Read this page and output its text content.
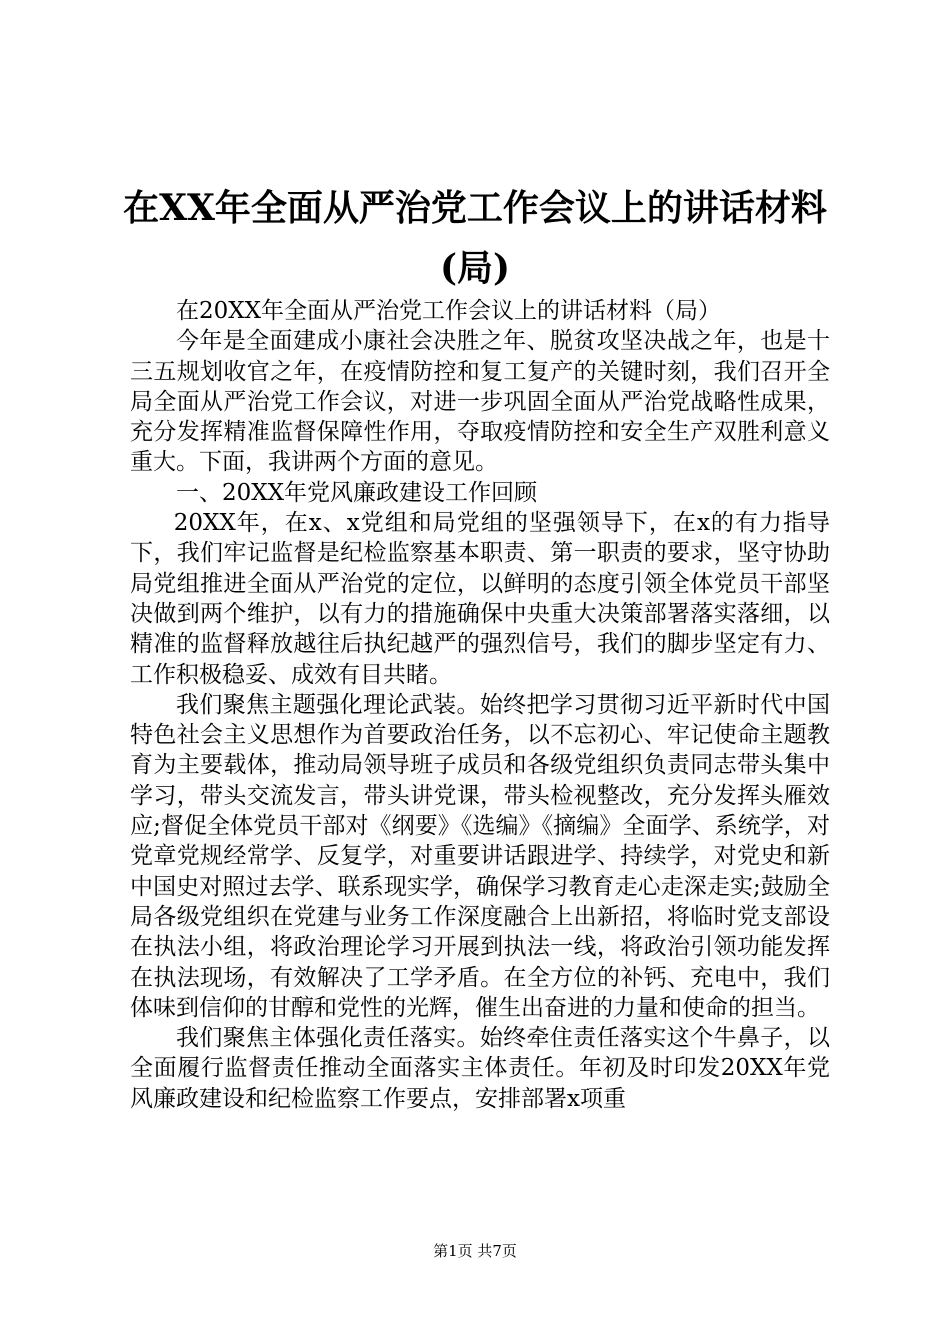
在XX年全面从严治党工作会议上的讲话材料
(局)

在20XX年全面从严治党工作会议上的讲话材料（局）

今年是全面建成小康社会决胜之年、脱贫攻坚决战之年，也是十三五规划收官之年，在疫情防控和复工复产的关键时刻，我们召开全局全面从严治党工作会议，对进一步巩固全面从严治党战略性成果，充分发挥精准监督保障性作用，夺取疫情防控和安全生产双胜利意义重大。下面，我讲两个方面的意见。

一、20XX年党风廉政建设工作回顾

20XX年，在x、x党组和局党组的坚强领导下，在x的有力指导下，我们牢记监督是纪检监察基本职责、第一职责的要求，坚守协助局党组推进全面从严治党的定位，以鲜明的态度引领全体党员干部坚决做到两个维护，以有力的措施确保中央重大决策部署落实落细，以精准的监督释放越往后执纪越严的强烈信号，我们的脚步坚定有力、工作积极稳妥、成效有目共睹。

我们聚焦主题强化理论武装。始终把学习贯彻习近平新时代中国特色社会主义思想作为首要政治任务，以不忘初心、牢记使命主题教育为主要载体，推动局领导班子成员和各级党组织负责同志带头集中学习，带头交流发言，带头讲党课，带头检视整改，充分发挥头雁效应;督促全体党员干部对《纲要》《选编》《摘编》全面学、系统学，对党章党规经常学、反复学，对重要讲话跟进学、持续学，对党史和新中国史对照过去学、联系现实学，确保学习教育走心走深走实;鼓励全局各级党组织在党建与业务工作深度融合上出新招，将临时党支部设在执法小组，将政治理论学习开展到执法一线，将政治引领功能发挥在执法现场，有效解决了工学矛盾。在全方位的补钙、充电中，我们体味到信仰的甘醇和党性的光辉，催生出奋进的力量和使命的担当。

我们聚焦主体强化责任落实。始终牵住责任落实这个牛鼻子，以全面履行监督责任推动全面落实主体责任。年初及时印发20XX年党风廉政建设和纪检监察工作要点，安排部署x项重

第1页 共7页
